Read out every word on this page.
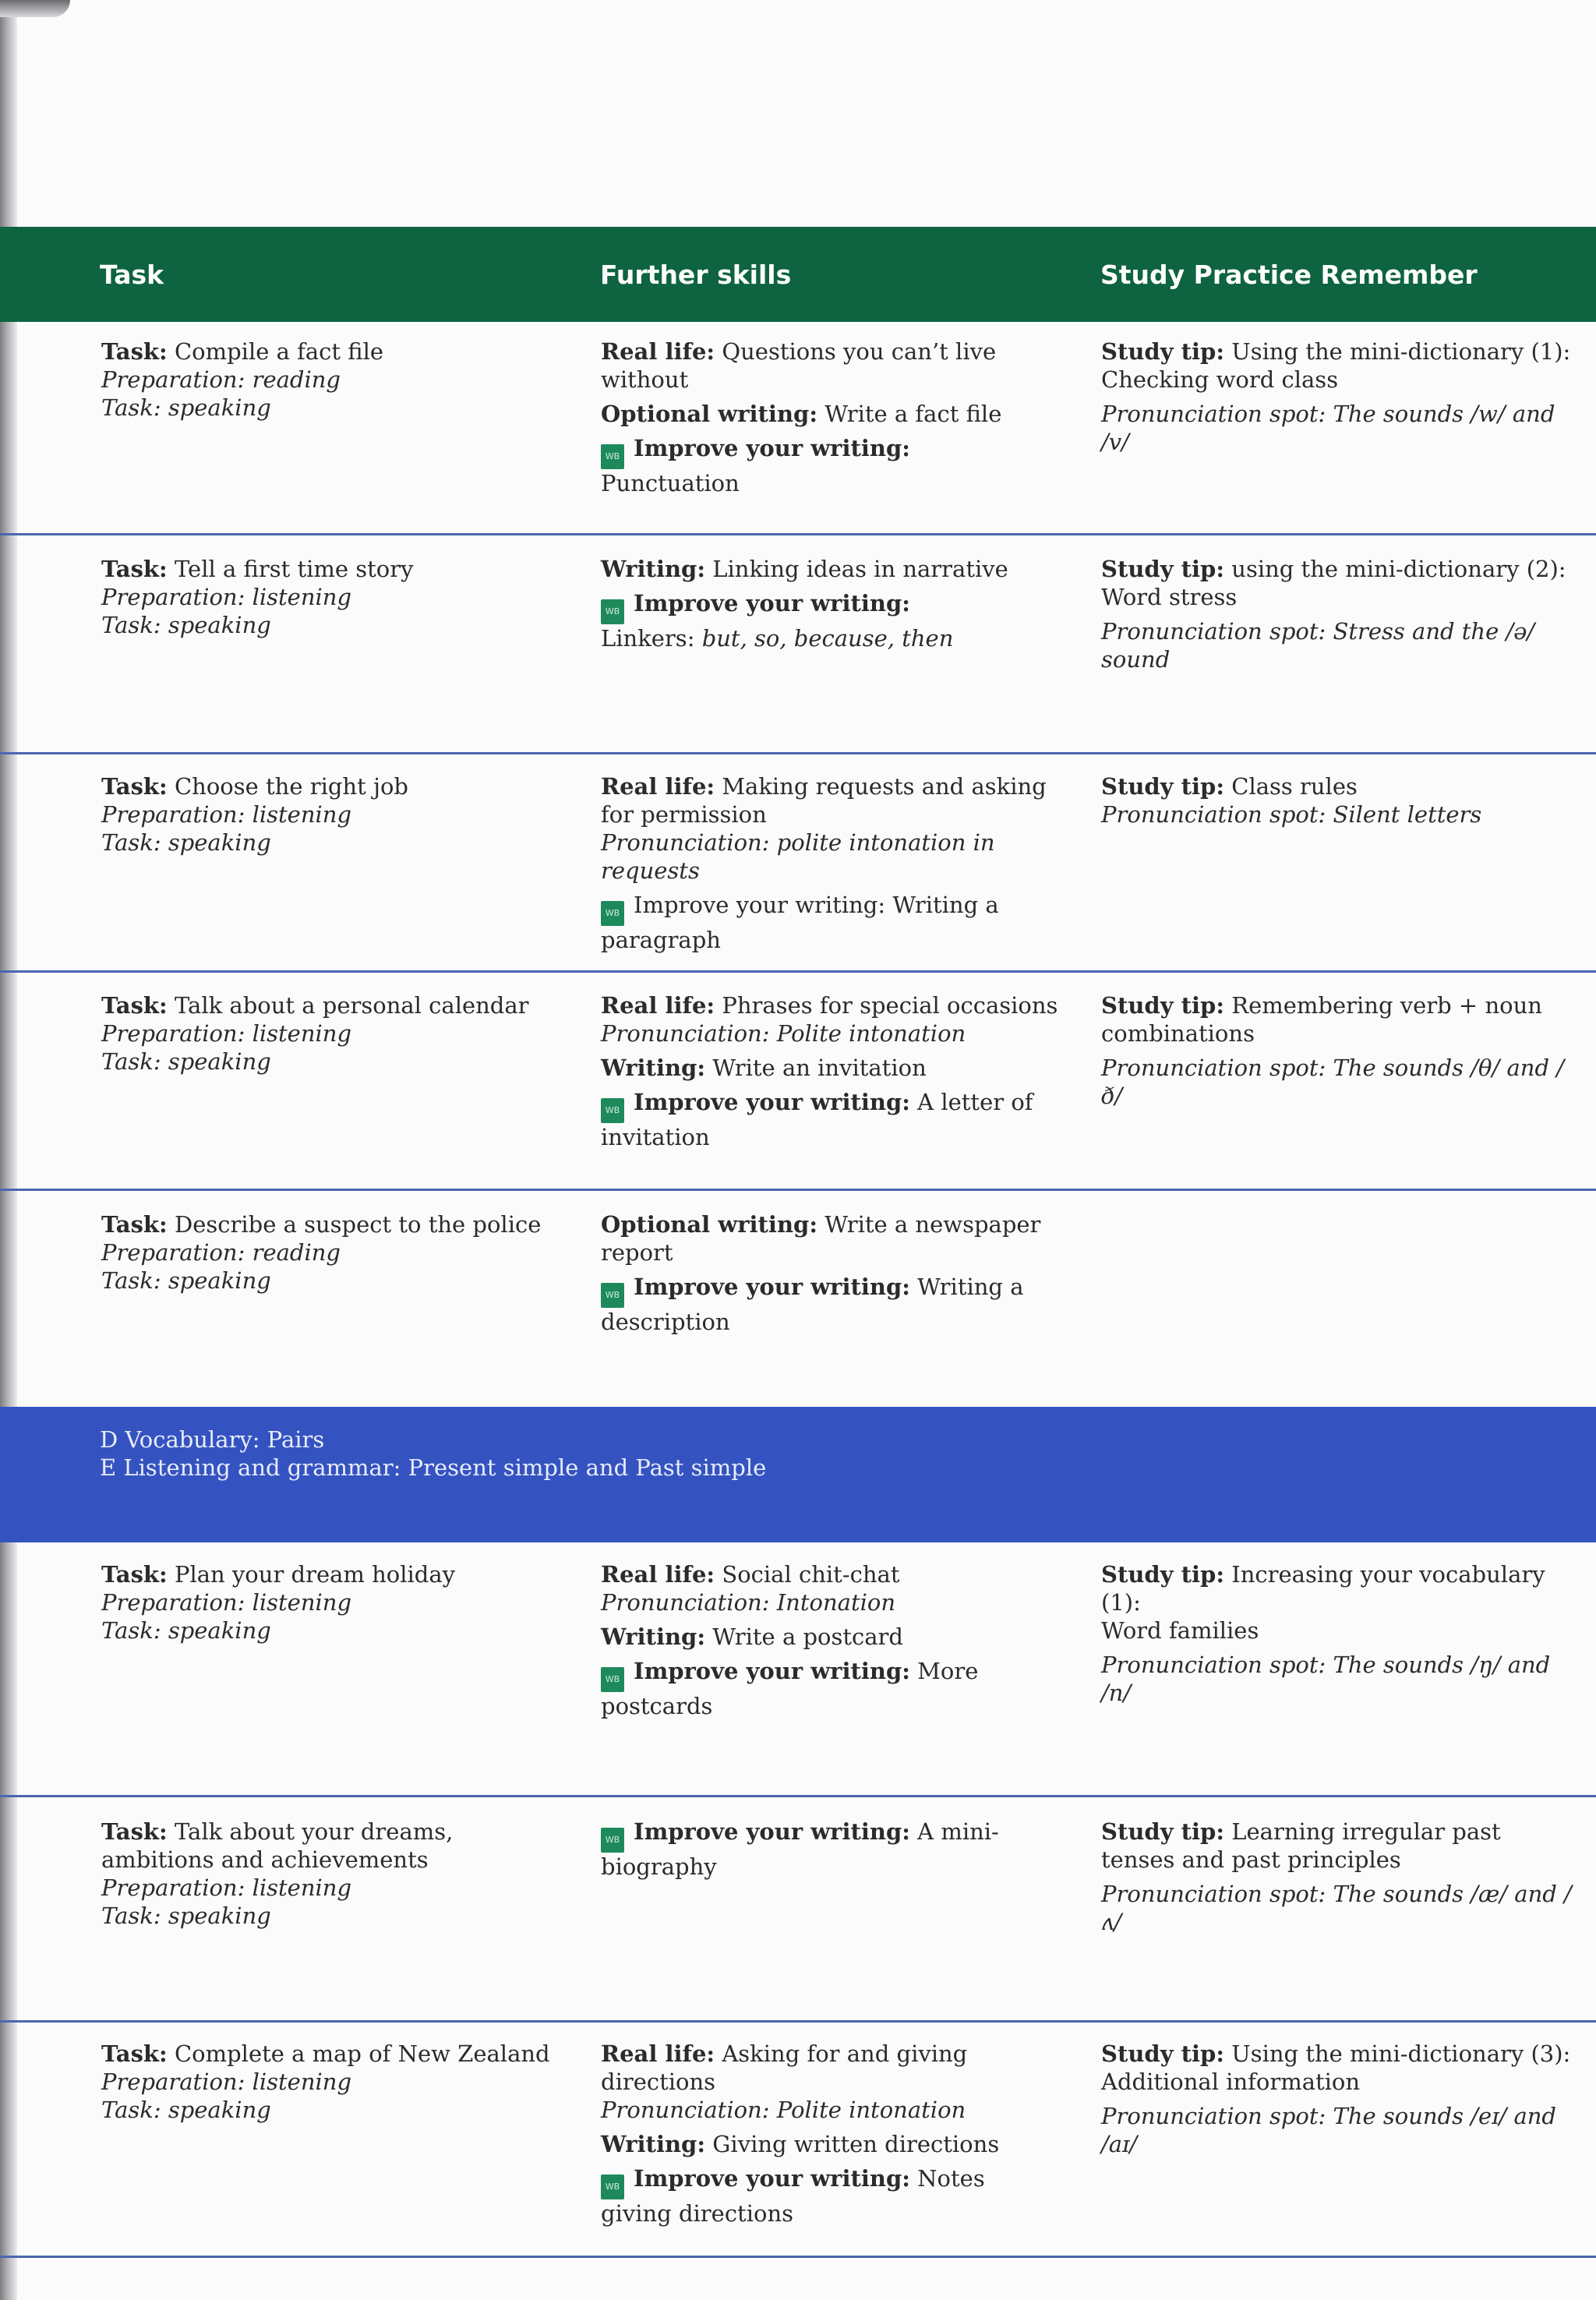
Task	Further skills	Study Practice Remember
Task: Compile a fact file
Preparation: reading
Task: speaking
Real life: Questions you can’t live
without
Optional writing: Write a fact file
WB Improve your writing:
Punctuation
Study tip: Using the mini-dictionary (1):
Checking word class
Pronunciation spot: The sounds /w/ and /v/
Task: Tell a first time story
Preparation: listening
Task: speaking
Writing: Linking ideas in narrative
WB Improve your writing:
Linkers: but, so, because, then
Study tip: using the mini-dictionary (2):
Word stress
Pronunciation spot: Stress and the /ə/ sound
Task: Choose the right job
Preparation: listening
Task: speaking
Real life: Making requests and asking
for permission
Pronunciation: polite intonation in requests
WB Improve your writing: Writing a
paragraph
Study tip: Class rules
Pronunciation spot: Silent letters
Task: Talk about a personal calendar
Preparation: listening
Task: speaking
Real life: Phrases for special occasions
Pronunciation: Polite intonation
Writing: Write an invitation
WB Improve your writing: A letter of
invitation
Study tip: Remembering verb + noun
combinations
Pronunciation spot: The sounds /θ/ and /ð/
Task: Describe a suspect to the police
Preparation: reading
Task: speaking
Optional writing: Write a newspaper
report
WB Improve your writing: Writing a
description
D Vocabulary: Pairs
E Listening and grammar: Present simple and Past simple
Task: Plan your dream holiday
Preparation: listening
Task: speaking
Real life: Social chit-chat
Pronunciation: Intonation
Writing: Write a postcard
WB Improve your writing: More
postcards
Study tip: Increasing your vocabulary (1):
Word families
Pronunciation spot: The sounds /ŋ/ and /n/
Task: Talk about your dreams,
ambitions and achievements
Preparation: listening
Task: speaking
WB Improve your writing: A mini-
biography
Study tip: Learning irregular past
tenses and past principles
Pronunciation spot: The sounds /æ/ and /ʌ/
Task: Complete a map of New Zealand
Preparation: listening
Task: speaking
Real life: Asking for and giving
directions
Pronunciation: Polite intonation
Writing: Giving written directions
WB Improve your writing: Notes
giving directions
Study tip: Using the mini-dictionary (3):
Additional information
Pronunciation spot: The sounds /eɪ/ and /aɪ/
